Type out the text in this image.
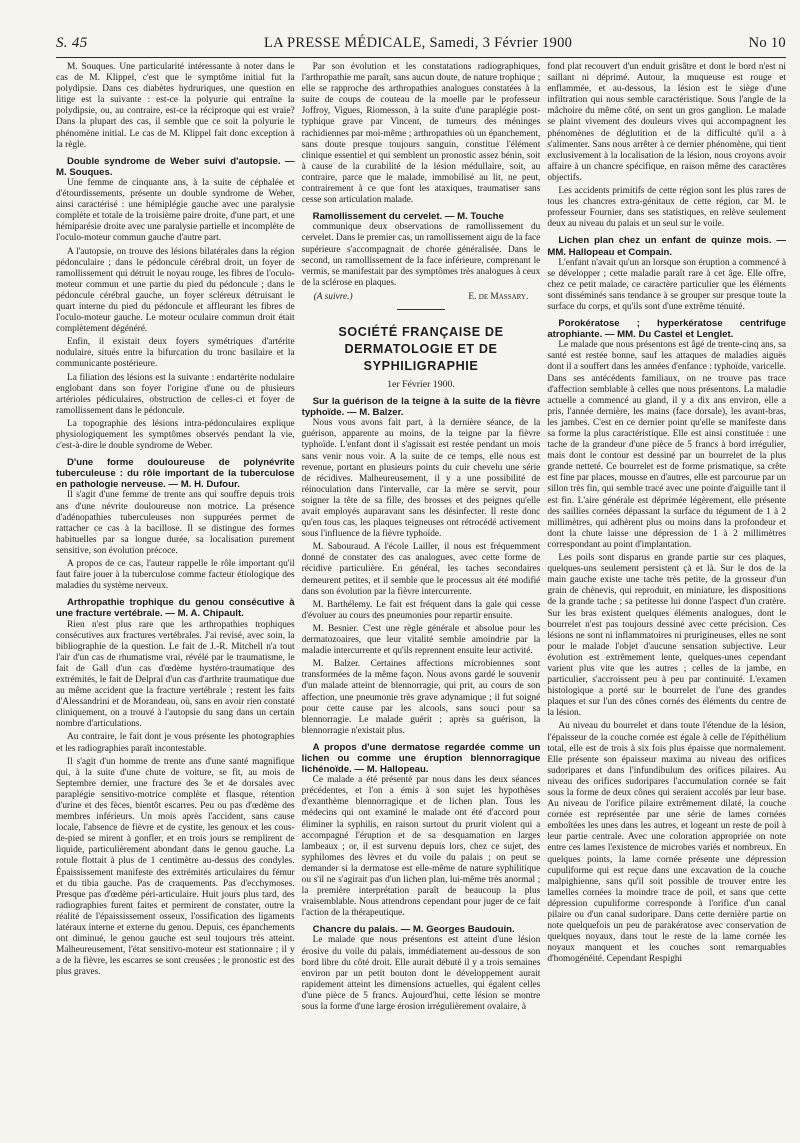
S. 45	LA PRESSE MÉDICALE, Samedi, 3 Février 1900	No 10

M. Souques. Une particularité intéressante à noter dans le cas de M. Klippel, c'est que le symptôme initial fut la polydipsie. Dans ces diabètes hydruriques, une question en litige est la suivante : est-ce la polyurie qui entraîne la polydipsie, ou, au contraire, est-ce la réciproque qui est vraie? Dans la plupart des cas, il semble que ce soit la polyurie le phénomène initial. Le cas de M. Klippel fait donc exception à la règle.

Double syndrome de Weber suivi d'autopsie. — M. Souques.

Une femme de cinquante ans, à la suite de céphalée et d'étourdissements, présente un double syndrome de Weber, ainsi caractérisé : une hémiplégie gauche avec une paralysie complète et totale de la troisième paire droite, d'une part, et une hémiparésie droite avec une paralysie partielle et incomplète de l'oculo-moteur commun gauche d'autre part.

A l'autopsie, on trouve des lésions bilatérales dans la région pédonculaire ; dans le pédoncule cérébral droit, un foyer de ramollissement qui détruit le noyau rouge, les fibres de l'oculo-moteur commun et une partie du pied du pédoncule ; dans le pédoncule cérébral gauche, un foyer scléreux détruisant le quart interne du pied du pédoncule et affleurant les fibres de l'oculo-moteur gauche. Le moteur oculaire commun droit était complètement dégénéré.

Enfin, il existait deux foyers symétriques d'artérite nodulaire, situés entre la bifurcation du tronc basilaire et la communicante postérieure.

La filiation des lésions est la suivante : endartérite nodulaire englobant dans son foyer l'origine d'une ou de plusieurs artérioles pédiculaires, obstruction de celles-ci et foyer de ramollissement dans le pédoncule.

La topographie des lésions intra-pédonculaires explique physiologiquement les symptômes observés pendant la vie, c'est-à-dire le double syndrome de Weber.

D'une forme douloureuse de polynévrite tuberculeuse : du rôle important de la tuberculose en pathologie nerveuse. — M. H. Dufour.

Il s'agit d'une femme de trente ans qui souffre depuis trois ans d'une névrite douloureuse non motrice. La présence d'adénopathies tuberculeuses non suppurées permet de rattacher ce cas à la bacillose. Il se distingue des formes habituelles par sa longue durée, sa localisation purement sensitive, son évolution précoce.

A propos de ce cas, l'auteur rappelle le rôle important qu'il faut faire jouer à la tuberculose comme facteur étiologique des maladies du système nerveux.

Arthropathie trophique du genou consécutive à une fracture vertébrale. — M. A. Chipault.

Rien n'est plus rare que les arthropathies trophiques consécutives aux fractures vertébrales. J'ai revisé, avec soin, la bibliographie de la question. Le fait de J.-R. Mitchell n'a tout l'air d'un cas de rhumatisme vrai, révélé par le traumatisme, le fait de Gall d'un cas d'œdème hystéro-traumatique des extrémités, le fait de Delpral d'un cas d'arthrite traumatique due au même accident que la fracture vertébrale ; restent les faits d'Alessandrini et de Morandeau, où, sans en avoir rien constaté cliniquement, on a trouvé à l'autopsie du sang dans un certain nombre d'articulations.

Au contraire, le fait dont je vous présente les photographies et les radiographies paraît incontestable.

Il s'agit d'un homme de trente ans d'une santé magnifique qui, à la suite d'une chute de voiture, se fit, au mois de Septembre dernier, une fracture des 3e et 4e dorsales avec paraplégie sensitivo-motrice complète et flasque, rétention d'urine et des fèces, bientôt escarres. Peu ou pas d'œdème des membres inférieurs. Un mois après l'accident, sans cause locale, l'absence de fièvre et de cystite, les genoux et les cous-de-pied se mirent à gonfler, et en trois jours se remplirent de liquide, particulièrement abondant dans le genou gauche. La rotule flottait à plus de 1 centimètre au-dessus des condyles. Épaississement manifeste des extrémités articulaires du fémur et du tibia gauche. Pas de craquements. Pas d'ecchymoses. Presque pas d'œdème péri-articulaire. Huit jours plus tard, des radiographies furent faites et permirent de constater, outre la réalité de l'épaississement osseux, l'ossification des ligaments latéraux interne et externe du genou. Depuis, ces épanchements ont diminué, le genou gauche est seul toujours très atteint. Malheureusement, l'état sensitivo-moteur est stationnaire ; il y a de la fièvre, les escarres se sont creusées ; le pronostic est des plus graves.

Par son évolution et les constatations radiographiques, l'arthropathie me paraît, sans aucun doute, de nature trophique ; elle se rapproche des arthropathies analogues constatées à la suite de coups de couteau de la moelle par le professeur Joffroy, Vigues, Riomesson, à la suite d'une paraplégie post-typhique grave par Vincent, de tumeurs des méninges rachidiennes par moi-même ; arthropathies où un épanchement, sans doute presque toujours sanguin, constitue l'élément clinique essentiel et qui semblent un pronostic assez bénin, soit à cause de la curabilité de la lésion médullaire, soit, au contraire, parce que le malade, immobilisé au lit, ne peut, contrairement à ce que font les ataxiques, traumatiser sans cesse son articulation malade.

Ramollissement du cervelet. — M. Touche

communique deux observations de ramollissement du cervelet. Dans le premier cas, un ramollissement aigu de la face supérieure s'accompagnait de chorée généralisée. Dans le second, un ramollissement de la face inférieure, comprenant le vermis, se manifestait par des symptômes très analogues à ceux de la sclérose en plaques.

(A suivre.)	E. de Massary.
SOCIÉTÉ FRANÇAISE DE DERMATOLOGIE ET DE SYPHILIGRAPHIE
1er Février 1900.
Sur la guérison de la teigne à la suite de la fièvre typhoïde. — M. Balzer.

Nous vous avons fait part, à la dernière séance, de la guérison, apparente au moins, de la teigne par la fièvre typhoïde. L'enfant dont il s'agissait est restée pendant un mois sans venir nous voir. A la suite de ce temps, elle nous est revenue, portant en plusieurs points du cuir chevelu une série de récidives. Malheureusement, il y a une possibilité de réinoculation dans l'intervalle, car la mère se servit, pour soigner la tête de sa fille, des brosses et des peignes qu'elle avait employés auparavant sans les désinfecter. Il reste donc qu'en tous cas, les plaques teigneuses ont rétrocédé activement sous l'influence de la fièvre typhoïde.

M. Sabouraud. A l'école Lailler, il nous est fréquemment donné de constater des cas analogues, avec cette forme de récidive particulière. En général, les taches secondaires demeurent petites, et il semble que le processus ait été modifié dans son évolution par la fièvre intercurrente.

M. Barthélemy. Le fait est fréquent dans la gale qui cesse d'évoluer au cours des pneumonies pour repartir ensuite.

M. Besnier. C'est une règle générale et absolue pour les dermatozoaires, que leur vitalité semble amoindrie par la maladie intercurrente et qu'ils reprennent ensuite leur activité.

M. Balzer. Certaines affections microbiennes sont transformées de la même façon. Nous avons gardé le souvenir d'un malade atteint de blennorragie, qui prit, au cours de son affection, une pneumonie très grave adynamique ; il fut soigné pour cette cause par les alcools, sans souci pour sa blennorragie. Le malade guérit ; après sa guérison, la blennorragie n'existait plus.

A propos d'une dermatose regardée comme un lichen ou comme une éruption blennorragique lichénoïde. — M. Hallopeau.

Ce malade a été présenté par nous dans les deux séances précédentes, et l'on a émis à son sujet les hypothèses d'exanthème blennorragique et de lichen plan. Tous les médecins qui ont examiné le malade ont été d'accord pour éliminer la syphilis, en raison surtout du prurit violent qui a accompagné l'éruption et de sa desquamation en larges lambeaux ; or, il est survenu depuis lors, chez ce sujet, des syphilomes des lèvres et du voile du palais ; on peut se demander si la dermatose est elle-même de nature syphilitique ou s'il ne s'agirait pas d'un lichen plan, lui-même très anormal ; la première interprétation paraît de beaucoup la plus vraisemblable. Nous attendrons cependant pour juger de ce fait l'action de la thérapeutique.

Chancre du palais. — M. Georges Baudouin.

Le malade que nous présentons est atteint d'une lésion érosive du voile du palais, immédiatement au-dessous de son bord libre du côté droit. Elle aurait débuté il y a trois semaines environ par un petit bouton dont le développement aurait rapidement atteint les dimensions actuelles, qui égalent celles d'une pièce de 5 francs. Aujourd'hui, cette lésion se montre sous la forme d'une large érosion irrégulièrement ovalaire, à

fond plat recouvert d'un enduit grisâtre et dont le bord n'est ni saillant ni déprimé. Autour, la muqueuse est rouge et enflammée, et au-dessous, la lésion est le siège d'une infiltration qui nous semble caractéristique. Sous l'angle de la mâchoire du même côté, on sent un gros ganglion. Le malade se plaint vivement des douleurs vives qui accompagnent les phénomènes de déglutition et de la difficulté qu'il a à s'alimenter. Sans nous arrêter à ce dernier phénomène, qui tient exclusivement à la localisation de la lésion, nous croyons avoir affaire à un chancre spécifique, en raison même des caractères objectifs.

Les accidents primitifs de cette région sont les plus rares de tous les chancres extra-génitaux de cette région, car M. le professeur Fournier, dans ses statistiques, en relève seulement deux au niveau du palais et un seul sur le voile.

Lichen plan chez un enfant de quinze mois. — MM. Hallopeau et Compain.

L'enfant n'avait qu'un an lorsque son éruption a commencé à se développer ; cette maladie paraît rare à cet âge. Elle offre, chez ce petit malade, ce caractère particulier que les éléments sont disséminés sans tendance à se grouper sur presque toute la surface du corps, et qu'ils sont d'une extrême ténuité.

Porokératose ; hyperkératose centrifuge atrophiante. — MM. Du Castel et Lenglet.

Le malade que nous présentons est âgé de trente-cinq ans, sa santé est restée bonne, sauf les attaques de maladies aiguës dont il a souffert dans les années d'enfance : typhoïde, varicelle. Dans ses antécédents familiaux, on ne trouve pas trace d'affection semblable à celles que nous présentons. La maladie actuelle a commencé au gland, il y a dix ans environ, elle a pris, l'année dernière, les mains (face dorsale), les avant-bras, les jambes. C'est en ce dernier point qu'elle se manifeste dans sa forme la plus caractéristique. Elle est ainsi constituée : une tache de la grandeur d'une pièce de 5 francs à bord irrégulier, mais dont le contour est dessiné par un bourrelet de la plus grande netteté. Ce bourrelet est de forme prismatique, sa crête est fine par places, mousse en d'autres, elle est parcourue par un sillon très fin, qui semble tracé avec une pointe d'aiguille tant il est fin. L'aire générale est déprimée légèrement, elle présente des saillies cornées dépassant la surface du tégument de 1 à 2 millimètres, qui adhèrent plus ou moins dans la profondeur et dont la chute laisse une dépression de 1 à 2 millimètres correspondant au point d'implantation.

Les poils sont disparus en grande partie sur ces plaques, quelques-uns seulement persistent çà et là. Sur le dos de la main gauche existe une tache très petite, de la grosseur d'un grain de chènevis, qui reproduit, en miniature, les dispositions de la grande tache ; sa petitesse lui donne l'aspect d'un cratère. Sur les bras existent quelques éléments analogues, dont le bourrelet n'est pas toujours dessiné avec cette précision. Ces lésions ne sont ni inflammatoires ni prurigineuses, elles ne sont pour le malade l'objet d'aucune sensation subjective. Leur évolution est extrêmement lente, quelques-unes cependant varient plus vite que les autres ; celles de la jambe, en particulier, s'accroissent peu à peu par continuité. L'examen histologique a porté sur le bourrelet de l'une des grandes plaques et sur l'un des cônes cornés des éléments du centre de la lésion.

Au niveau du bourrelet et dans toute l'étendue de la lésion, l'épaisseur de la couche cornée est égale à celle de l'épithélium total, elle est de trois à six fois plus épaisse que normalement. Elle présente son épaisseur maxima au niveau des orifices sudoripares et dans l'infundibulum des orifices pilaires. Au niveau des orifices sudoripares l'accumulation cornée se fait sous la forme de deux cônes qui seraient accolés par leur base. Au niveau de l'orifice pilaire extrêmement dilaté, la couche cornée est représentée par une série de lames cornées emboîtées les unes dans les autres, et logeant un reste de poil à leur partie centrale. Avec une coloration appropriée on note entre ces lames l'existence de microbes variés et nombreux. En quelques points, la lame cornée présente une dépression cupuliforme qui est reçue dans une excavation de la couche malpighienne, sans qu'il soit possible de trouver entre les lamelles cornées la moindre trace de poil, et sans que cette dépression cupuliforme corresponde à l'orifice d'un canal pilaire ou d'un canal sudoripare. Dans cette dernière partie on note quelquefois un peu de parakératose avec conservation de quelques noyaux, dans tout le reste de la lame cornée les noyaux manquent et les couches sont remarquables d'homogénéité. Cependant Respighi
